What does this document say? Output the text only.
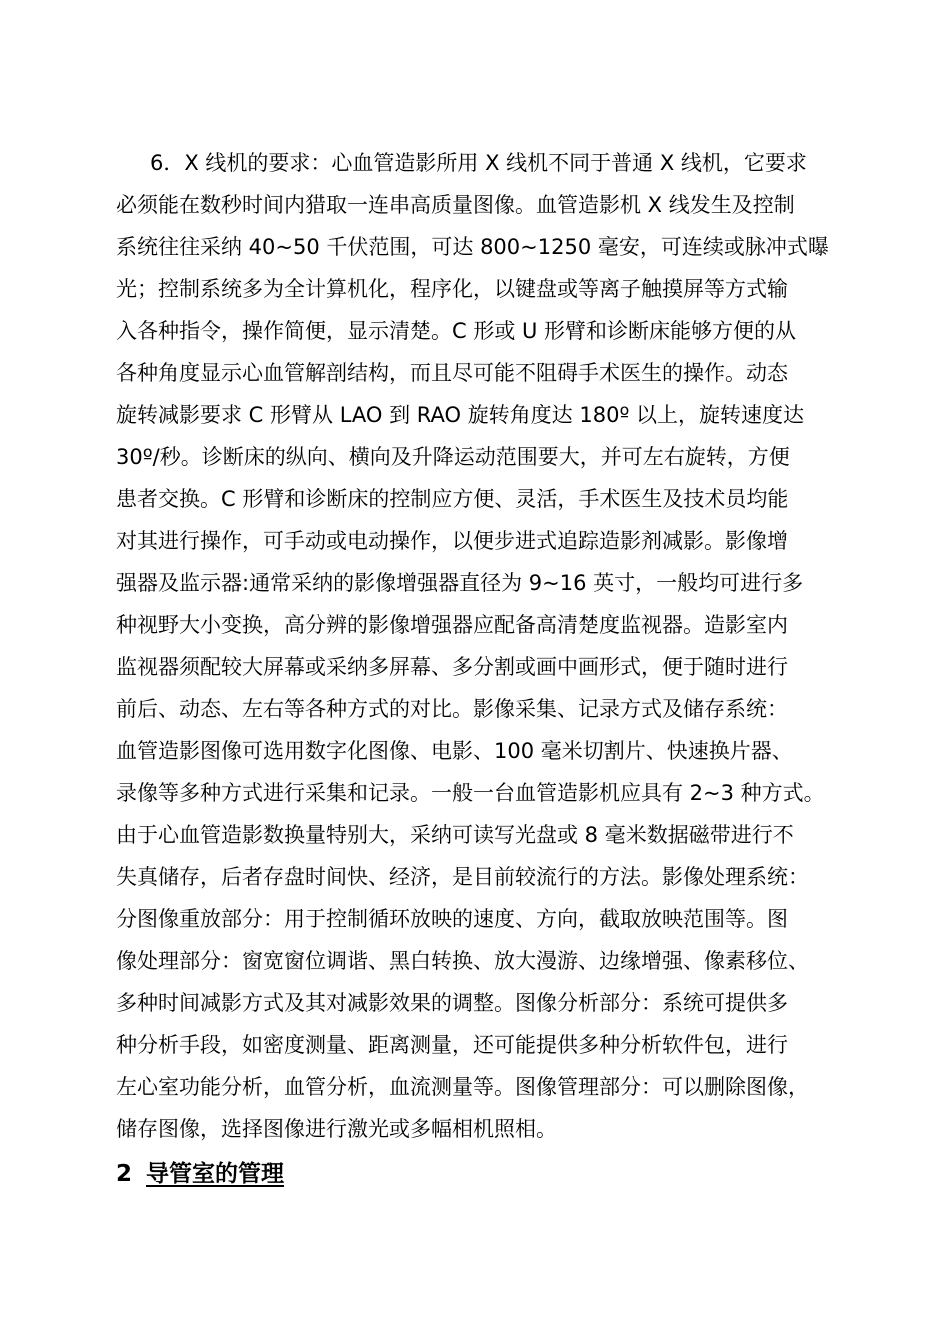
6．X 线机的要求：心血管造影所用 X 线机不同于普通 X 线机，它要求
必须能在数秒时间内猎取一连串高质量图像。血管造影机 X 线发生及控制
系统往往采纳 40~50 千伏范围，可达 800~1250 毫安，可连续或脉冲式曝
光；控制系统多为全计算机化，程序化，以键盘或等离子触摸屏等方式输
入各种指令，操作简便，显示清楚。C 形或 U 形臂和诊断床能够方便的从
各种角度显示心血管解剖结构，而且尽可能不阻碍手术医生的操作。动态
旋转减影要求 C 形臂从 LAO 到 RAO 旋转角度达 180º 以上，旋转速度达
30º/秒。诊断床的纵向、横向及升降运动范围要大，并可左右旋转，方便
患者交换。C 形臂和诊断床的控制应方便、灵活，手术医生及技术员均能
对其进行操作，可手动或电动操作，以便步进式追踪造影剂减影。影像增
强器及监示器:通常采纳的影像增强器直径为 9~16 英寸，一般均可进行多
种视野大小变换，高分辨的影像增强器应配备高清楚度监视器。造影室内
监视器须配较大屏幕或采纳多屏幕、多分割或画中画形式，便于随时进行
前后、动态、左右等各种方式的对比。影像采集、记录方式及储存系统：
血管造影图像可选用数字化图像、电影、100 毫米切割片、快速换片器、
录像等多种方式进行采集和记录。一般一台血管造影机应具有 2~3 种方式。
由于心血管造影数换量特别大，采纳可读写光盘或 8 毫米数据磁带进行不
失真储存，后者存盘时间快、经济，是目前较流行的方法。影像处理系统：
分图像重放部分：用于控制循环放映的速度、方向，截取放映范围等。图
像处理部分：窗宽窗位调谐、黑白转换、放大漫游、边缘增强、像素移位、
多种时间减影方式及其对减影效果的调整。图像分析部分：系统可提供多
种分析手段，如密度测量、距离测量，还可能提供多种分析软件包，进行
左心室功能分析，血管分析，血流测量等。图像管理部分：可以删除图像，
储存图像，选择图像进行激光或多幅相机照相。
2 导管室的管理
